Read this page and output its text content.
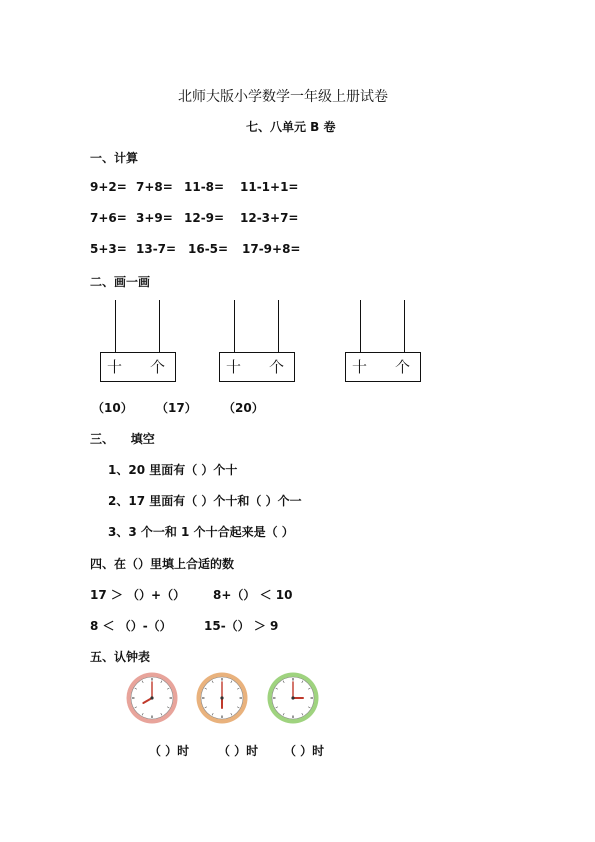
北师大版小学数学一年级上册试卷
七、八单元 B 卷
一、计算
9+2= 7+8= 11-8= 11-1+1=
7+6= 3+9= 12-9= 12-3+7=
5+3= 13-7= 16-5= 17-9+8=
二、画一画
十 个	十 个	十 个
（10） （17） （20）
三、    填空
1、20 里面有（ ）个十
2、17 里面有（ ）个十和（ ）个一
3、3 个一和 1 个十合起来是（ ）
四、在（）里填上合适的数
17 ＞ （）+（） 8+（） ＜ 10
8 ＜ （）-（）	15-（） ＞ 9
五、认钟表
（ ）时 （ ）时 （ ）时
